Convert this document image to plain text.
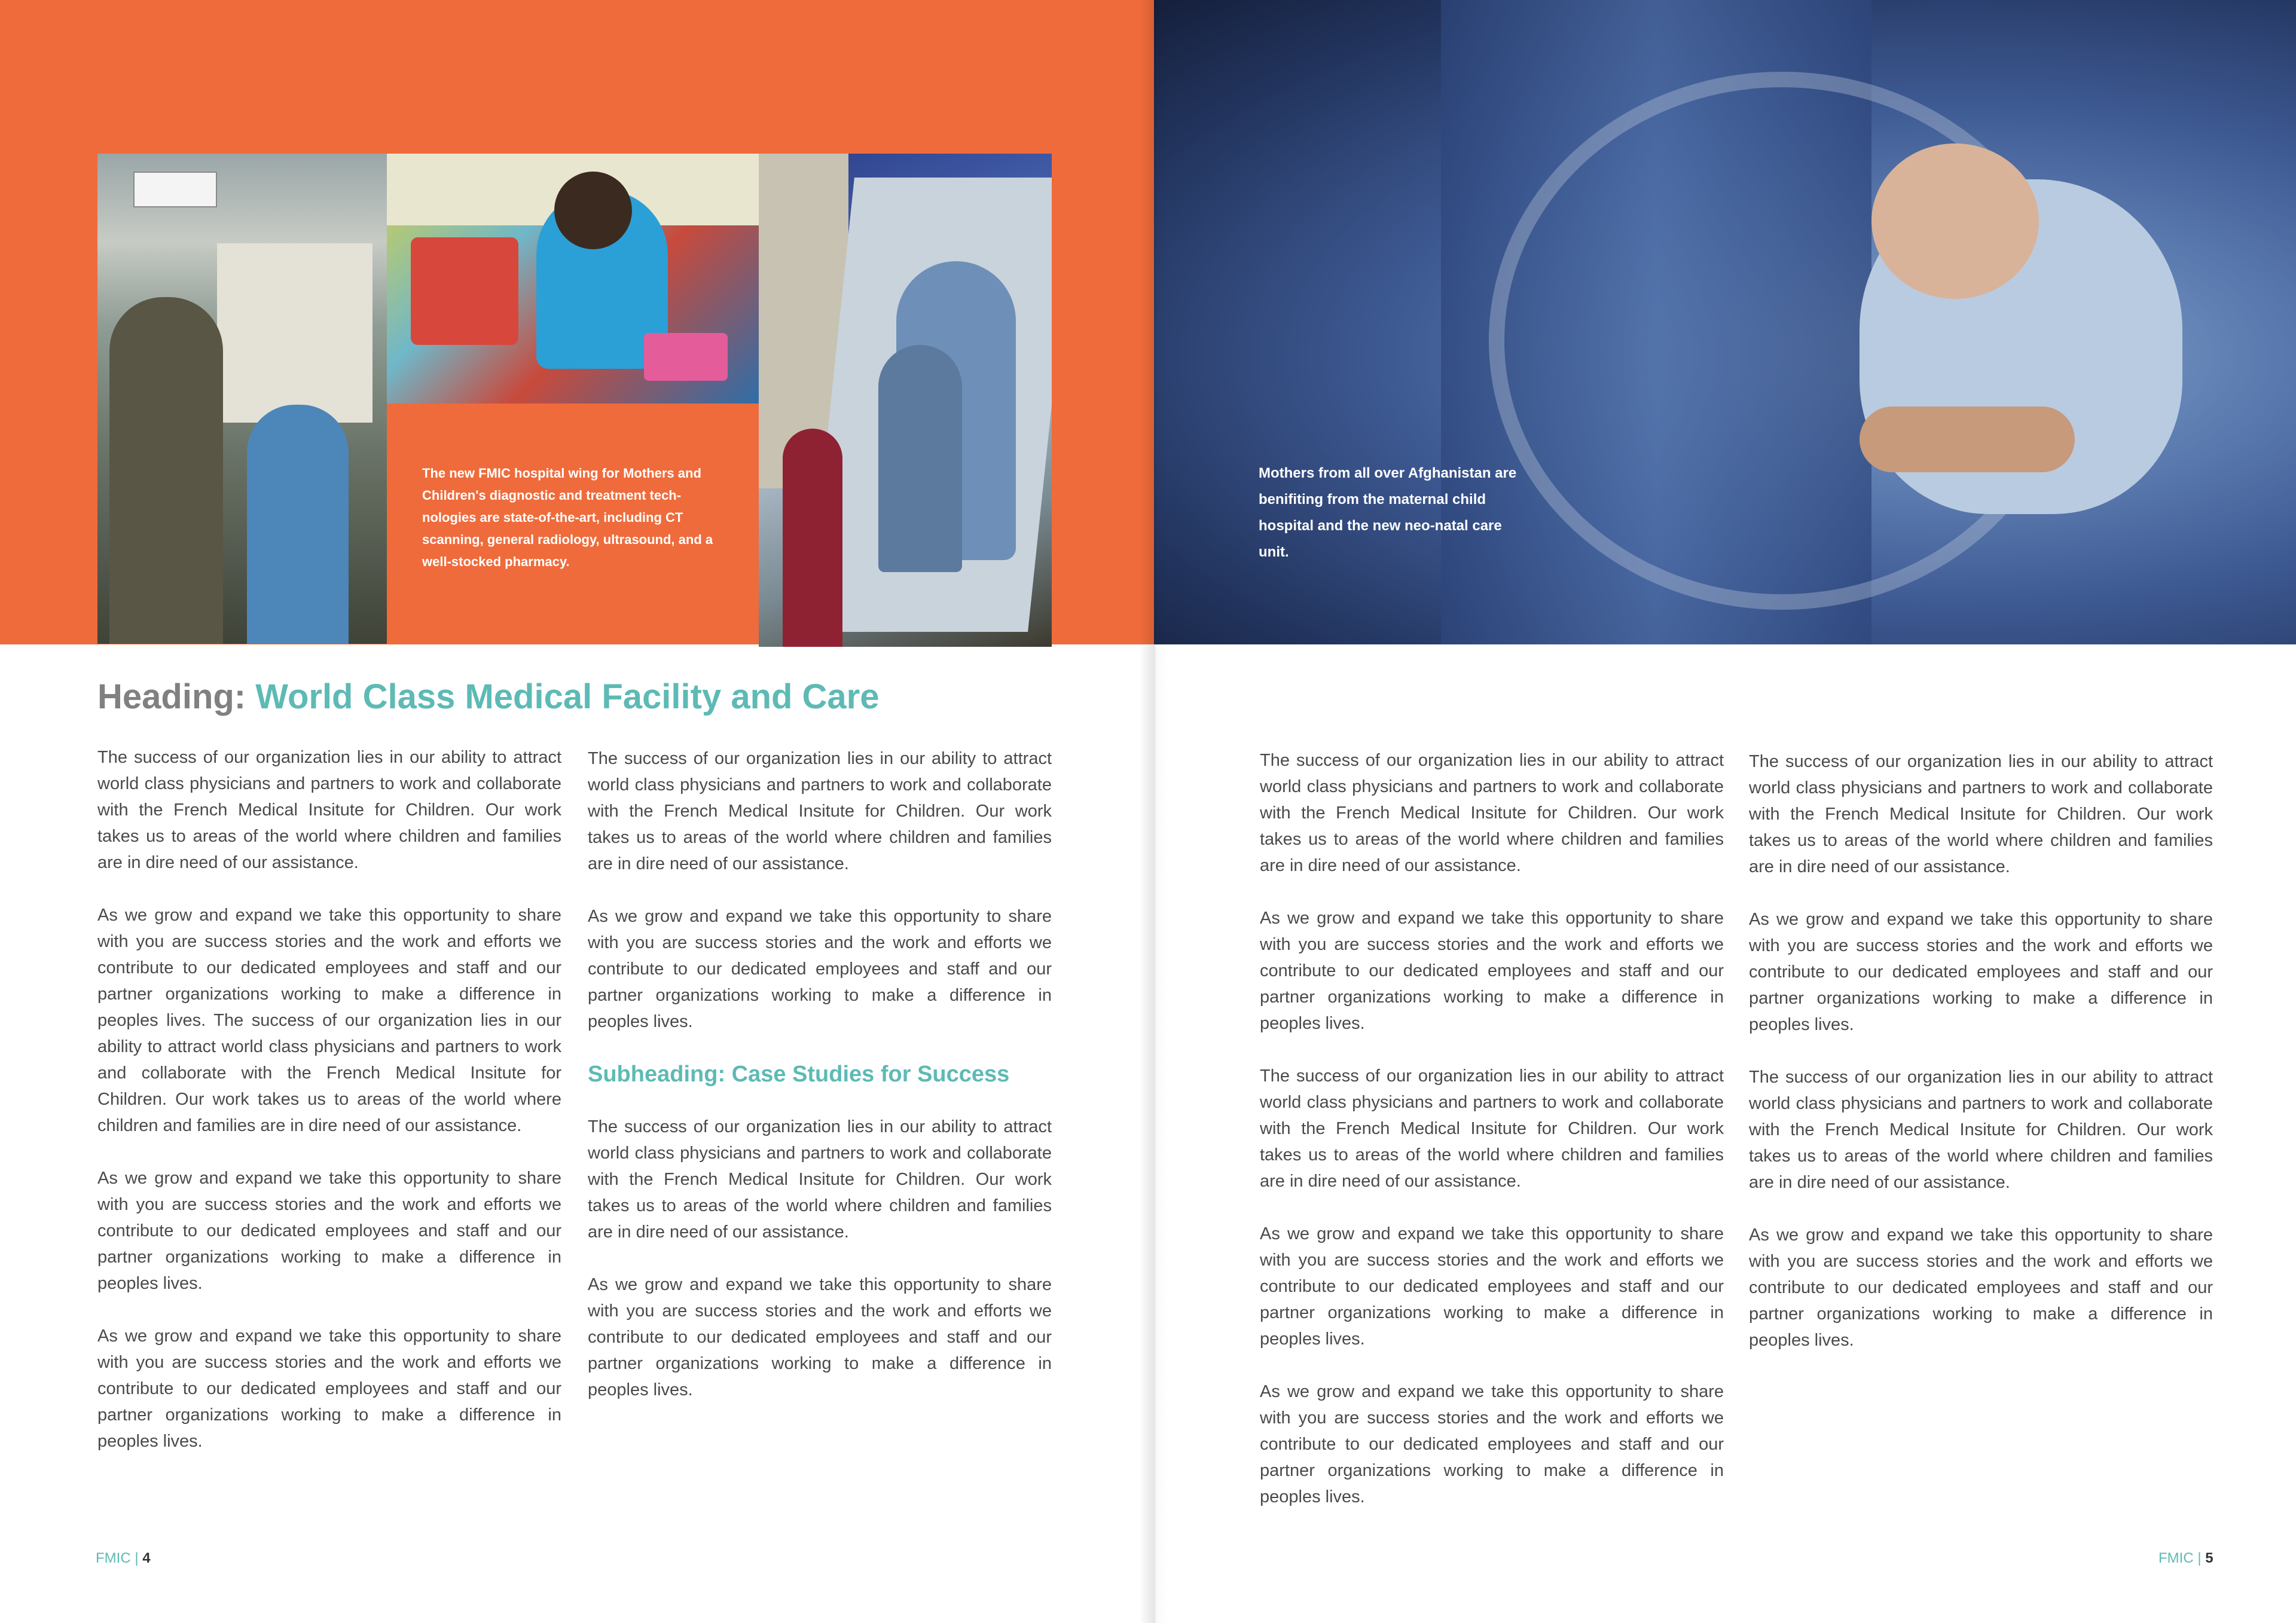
The new FMIC hospital wing for Mothers and Children's diagnostic and treatment tech-nologies are state-of-the-art, including CT scanning, general radiology, ultrasound, and a well-stocked pharmacy.
Heading: World Class Medical Facility and Care

The success of our organization lies in our ability to attract world class physicians and partners to work and collaborate with the French Medical Insitute for Children. Our work takes us to areas of the world where children and families are in dire need of our assistance.

As we grow and expand we take this opportunity to share with you are success stories and the work and efforts we contribute to our dedicated employees and staff and our partner organizations working to make a difference in peoples lives. The success of our organization lies in our ability to attract world class physicians and partners to work and collaborate with the French Medical Insitute for Children. Our work takes us to areas of the world where children and families are in dire need of our assistance.

As we grow and expand we take this opportunity to share with you are success stories and the work and efforts we contribute to our dedicated employees and staff and our partner organizations working to make a difference in peoples lives.

As we grow and expand we take this opportunity to share with you are success stories and the work and efforts we contribute to our dedicated employees and staff and our partner organizations working to make a difference in peoples lives.

The success of our organization lies in our ability to attract world class physicians and partners to work and collaborate with the French Medical Insitute for Children. Our work takes us to areas of the world where children and families are in dire need of our assistance.

As we grow and expand we take this opportunity to share with you are success stories and the work and efforts we contribute to our dedicated employees and staff and our partner organizations working to make a difference in peoples lives.

Subheading: Case Studies for Success

The success of our organization lies in our ability to attract world class physicians and partners to work and collaborate with the French Medical Insitute for Children. Our work takes us to areas of the world where children and families are in dire need of our assistance.

As we grow and expand we take this opportunity to share with you are success stories and the work and efforts we contribute to our dedicated employees and staff and our partner organizations working to make a difference in peoples lives.

FMIC | 4
Mothers from all over Afghanistan are benifiting from the maternal child hospital and the new neo-natal care unit.

The success of our organization lies in our ability to attract world class physicians and partners to work and collaborate with the French Medical Insitute for Children. Our work takes us to areas of the world where children and families are in dire need of our assistance.

As we grow and expand we take this opportunity to share with you are success stories and the work and efforts we contribute to our dedicated employees and staff and our partner organizations working to make a difference in peoples lives.

The success of our organization lies in our ability to attract world class physicians and partners to work and collaborate with the French Medical Insitute for Children. Our work takes us to areas of the world where children and families are in dire need of our assistance.

As we grow and expand we take this opportunity to share with you are success stories and the work and efforts we contribute to our dedicated employees and staff and our partner organizations working to make a difference in peoples lives.

As we grow and expand we take this opportunity to share with you are success stories and the work and efforts we contribute to our dedicated employees and staff and our partner organizations working to make a difference in peoples lives.

The success of our organization lies in our ability to attract world class physicians and partners to work and collaborate with the French Medical Insitute for Children. Our work takes us to areas of the world where children and families are in dire need of our assistance.

As we grow and expand we take this opportunity to share with you are success stories and the work and efforts we contribute to our dedicated employees and staff and our partner organizations working to make a difference in peoples lives.

The success of our organization lies in our ability to attract world class physicians and partners to work and collaborate with the French Medical Insitute for Children. Our work takes us to areas of the world where children and families are in dire need of our assistance.

As we grow and expand we take this opportunity to share with you are success stories and the work and efforts we contribute to our dedicated employees and staff and our partner organizations working to make a difference in peoples lives.

FMIC | 5
